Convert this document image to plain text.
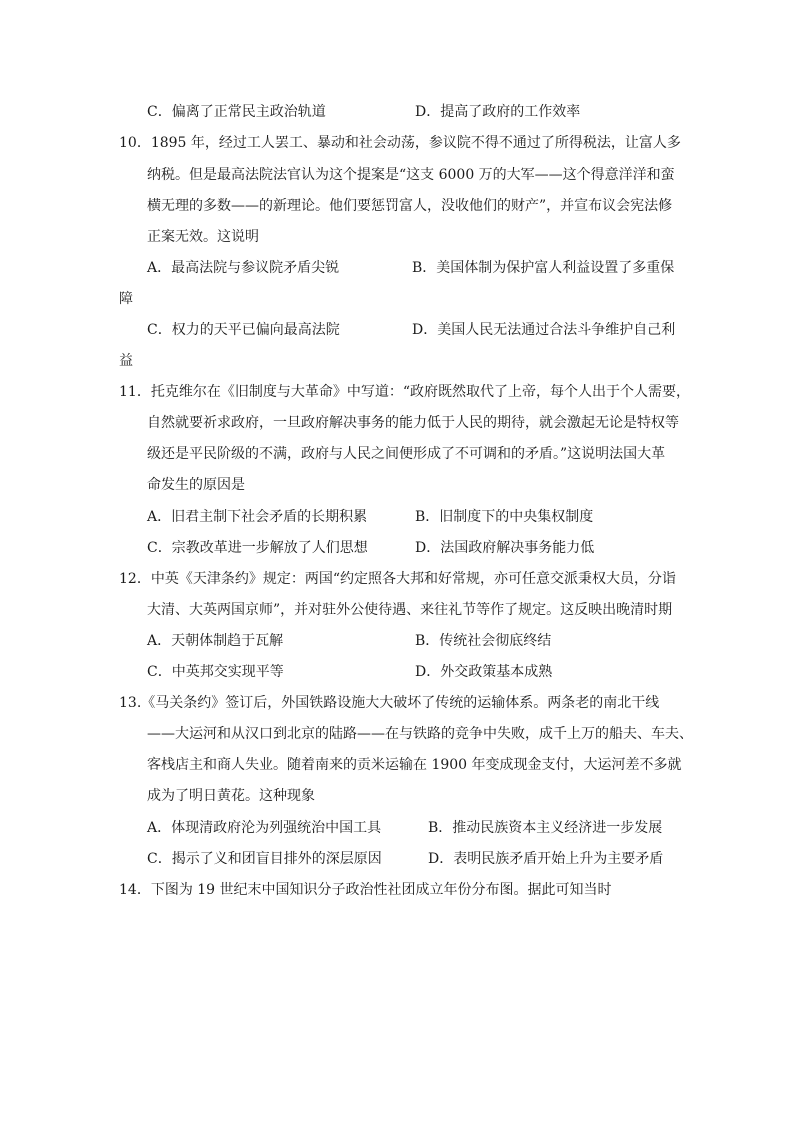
C．偏离了正常民主政治轨道	D．提高了政府的工作效率
10．1895 年，经过工人罢工、暴动和社会动荡，参议院不得不通过了所得税法，让富人多
纳税。但是最高法院法官认为这个提案是“这支 6000 万的大军——这个得意洋洋和蛮
横无理的多数——的新理论。他们要惩罚富人，没收他们的财产”，并宣布议会宪法修
正案无效。这说明
A．最高法院与参议院矛盾尖锐	B．美国体制为保护富人利益设置了多重保
障
C．权力的天平已偏向最高法院	D．美国人民无法通过合法斗争维护自己利
益
11．托克维尔在《旧制度与大革命》中写道：“政府既然取代了上帝，每个人出于个人需要，
自然就要祈求政府，一旦政府解决事务的能力低于人民的期待，就会激起无论是特权等
级还是平民阶级的不满，政府与人民之间便形成了不可调和的矛盾。”这说明法国大革
命发生的原因是
A．旧君主制下社会矛盾的长期积累	B．旧制度下的中央集权制度
C．宗教改革进一步解放了人们思想	D．法国政府解决事务能力低
12．中英《天津条约》规定：两国“约定照各大邦和好常规，亦可任意交派秉权大员，分诣
大清、大英两国京师”，并对驻外公使待遇、来往礼节等作了规定。这反映出晚清时期
A．天朝体制趋于瓦解	B．传统社会彻底终结
C．中英邦交实现平等	D．外交政策基本成熟
13.《马关条约》签订后，外国铁路设施大大破坏了传统的运输体系。两条老的南北干线
——大运河和从汉口到北京的陆路——在与铁路的竞争中失败，成千上万的船夫、车夫、
客栈店主和商人失业。随着南来的贡米运输在 1900 年变成现金支付，大运河差不多就
成为了明日黄花。这种现象
A．体现清政府沦为列强统治中国工具	B．推动民族资本主义经济进一步发展
C．揭示了义和团盲目排外的深层原因	D．表明民族矛盾开始上升为主要矛盾
14．下图为 19 世纪末中国知识分子政治性社团成立年份分布图。据此可知当时
